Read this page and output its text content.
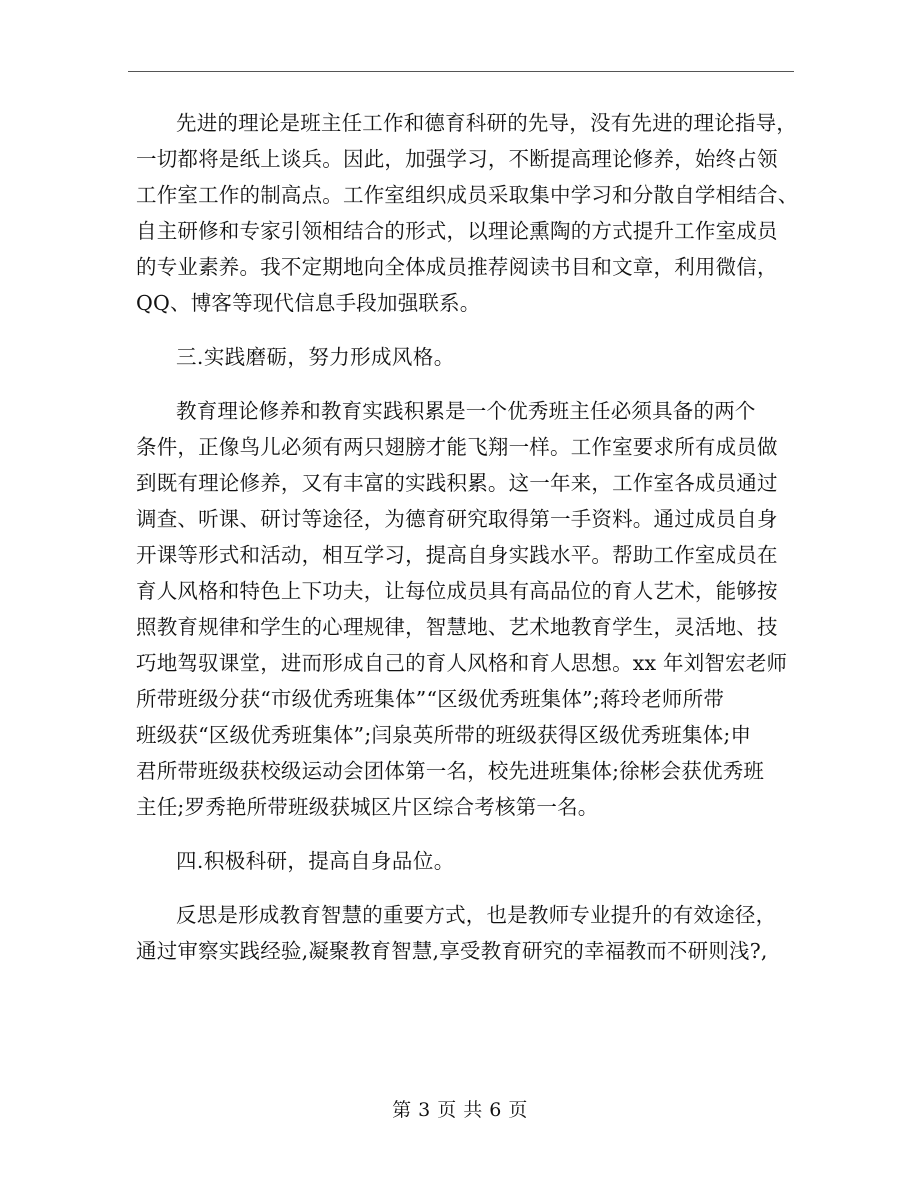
先进的理论是班主任工作和德育科研的先导，没有先进的理论指导，
一切都将是纸上谈兵。因此，加强学习，不断提高理论修养，始终占领
工作室工作的制高点。工作室组织成员采取集中学习和分散自学相结合、
自主研修和专家引领相结合的形式，以理论熏陶的方式提升工作室成员
的专业素养。我不定期地向全体成员推荐阅读书目和文章，利用微信，
QQ、博客等现代信息手段加强联系。
三.实践磨砺，努力形成风格。
教育理论修养和教育实践积累是一个优秀班主任必须具备的两个
条件，正像鸟儿必须有两只翅膀才能飞翔一样。工作室要求所有成员做
到既有理论修养，又有丰富的实践积累。这一年来，工作室各成员通过
调查、听课、研讨等途径，为德育研究取得第一手资料。通过成员自身
开课等形式和活动，相互学习，提高自身实践水平。帮助工作室成员在
育人风格和特色上下功夫，让每位成员具有高品位的育人艺术，能够按
照教育规律和学生的心理规律，智慧地、艺术地教育学生，灵活地、技
巧地驾驭课堂，进而形成自己的育人风格和育人思想。xx 年刘智宏老师
所带班级分获“市级优秀班集体”“区级优秀班集体”;蒋玲老师所带
班级获“区级优秀班集体”;闫泉英所带的班级获得区级优秀班集体;申
君所带班级获校级运动会团体第一名，校先进班集体;徐彬会获优秀班
主任;罗秀艳所带班级获城区片区综合考核第一名。
四.积极科研，提高自身品位。
反思是形成教育智慧的重要方式，也是教师专业提升的有效途径，
通过审察实践经验,凝聚教育智慧,享受教育研究的幸福教而不研则浅?,
第 3 页 共 6 页
